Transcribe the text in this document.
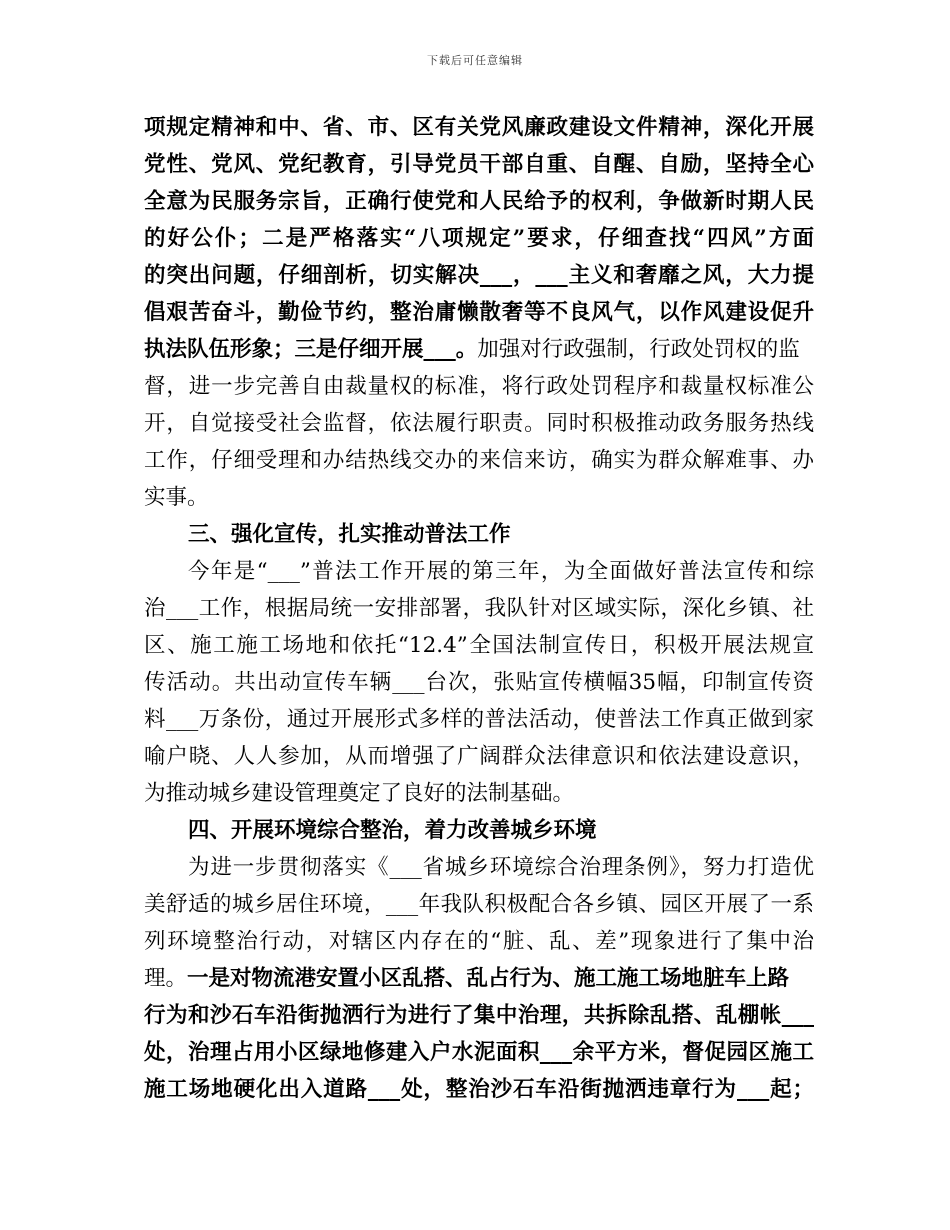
下载后可任意编辑
项规定精神和中、省、市、区有关党风廉政建设文件精神，深化开展
党性、党风、党纪教育，引导党员干部自重、自醒、自励，坚持全心
全意为民服务宗旨，正确行使党和人民给予的权利，争做新时期人民
的好公仆；二是严格落实“八项规定”要求，仔细查找“四风”方面
的突出问题，仔细剖析，切实解决___，___主义和奢靡之风，大力提
倡艰苦奋斗，勤俭节约，整治庸懒散奢等不良风气，以作风建设促升
执法队伍形象；三是仔细开展___。加强对行政强制，行政处罚权的监
督，进一步完善自由裁量权的标准，将行政处罚程序和裁量权标准公
开，自觉接受社会监督，依法履行职责。同时积极推动政务服务热线
工作，仔细受理和办结热线交办的来信来访，确实为群众解难事、办
实事。
三、强化宣传，扎实推动普法工作
今年是“___”普法工作开展的第三年，为全面做好普法宣传和综
治___工作，根据局统一安排部署，我队针对区域实际，深化乡镇、社
区、施工施工场地和依托“12.4”全国法制宣传日，积极开展法规宣
传活动。共出动宣传车辆___台次，张贴宣传横幅35幅，印制宣传资
料___万条份，通过开展形式多样的普法活动，使普法工作真正做到家
喻户晓、人人参加，从而增强了广阔群众法律意识和依法建设意识，
为推动城乡建设管理奠定了良好的法制基础。
四、开展环境综合整治，着力改善城乡环境
为进一步贯彻落实《___省城乡环境综合治理条例》，努力打造优
美舒适的城乡居住环境，___年我队积极配合各乡镇、园区开展了一系
列环境整治行动，对辖区内存在的“脏、乱、差”现象进行了集中治
理。一是对物流港安置小区乱搭、乱占行为、施工施工场地脏车上路
行为和沙石车沿街抛洒行为进行了集中治理，共拆除乱搭、乱棚帐___
处，治理占用小区绿地修建入户水泥面积___余平方米，督促园区施工
施工场地硬化出入道路___处，整治沙石车沿街抛洒违章行为___起；
